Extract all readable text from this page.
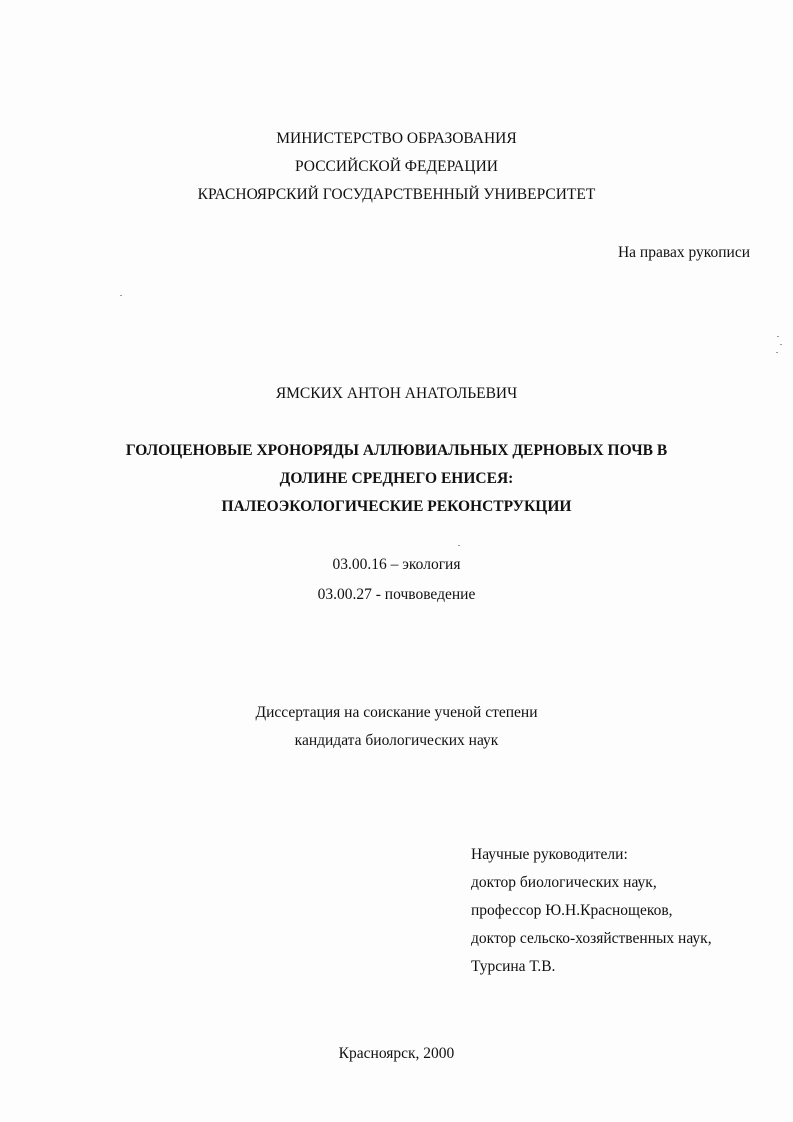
МИНИСТЕРСТВО ОБРАЗОВАНИЯ
РОССИЙСКОЙ ФЕДЕРАЦИИ
КРАСНОЯРСКИЙ ГОСУДАРСТВЕННЫЙ УНИВЕРСИТЕТ
На правах рукописи
ЯМСКИХ АНТОН АНАТОЛЬЕВИЧ
ГОЛОЦЕНОВЫЕ ХРОНОРЯДЫ АЛЛЮВИАЛЬНЫХ ДЕРНОВЫХ ПОЧВ В
ДОЛИНЕ СРЕДНЕГО ЕНИСЕЯ:
ПАЛЕОЭКОЛОГИЧЕСКИЕ РЕКОНСТРУКЦИИ
03.00.16 – экология
03.00.27 - почвоведение
Диссертация на соискание ученой степени
кандидата биологических наук
Научные руководители:
доктор биологических наук,
профессор Ю.Н.Краснощеков,
доктор сельско-хозяйственных наук,
Турсина Т.В.
Красноярск, 2000
